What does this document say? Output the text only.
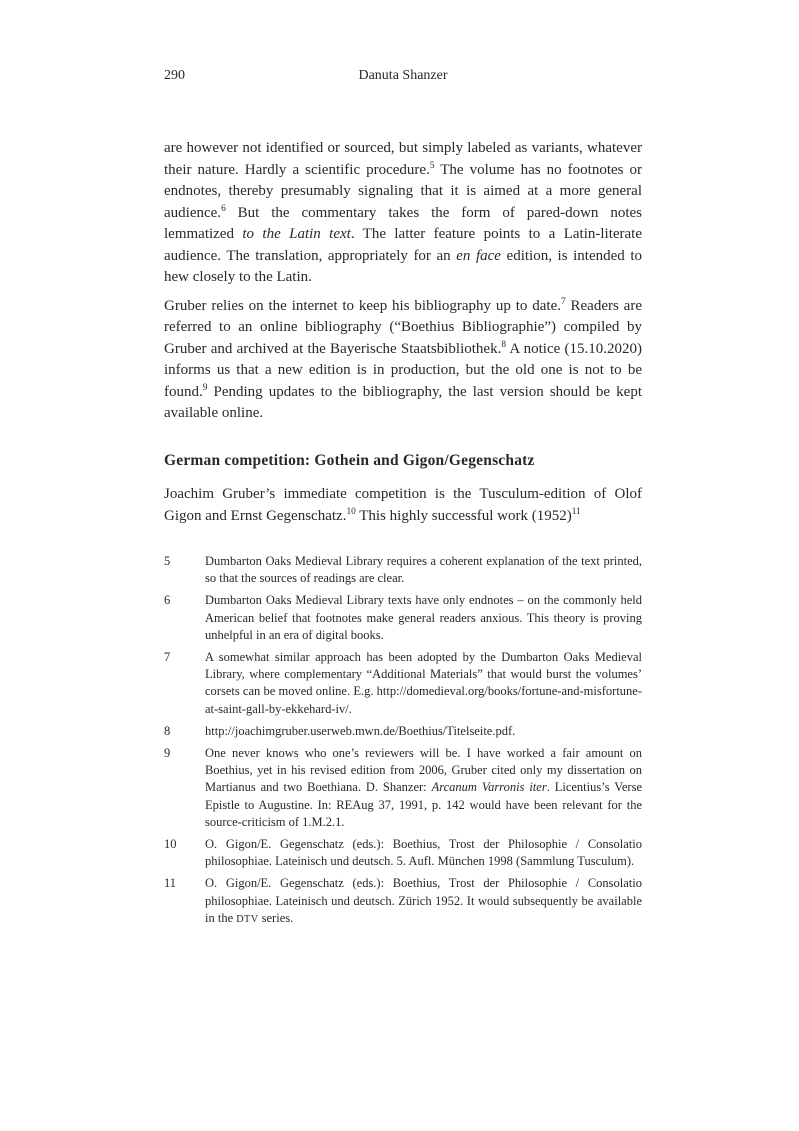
290	Danuta Shanzer

are however not identified or sourced, but simply labeled as variants, whatever their nature. Hardly a scientific procedure.$^5$ The volume has no footnotes or endnotes, thereby presumably signaling that it is aimed at a more general audience.$^6$ But the commentary takes the form of pared-down notes lemmatized to the Latin text. The latter feature points to a Latin-literate audience. The translation, appropriately for an en face edition, is intended to hew closely to the Latin.

Gruber relies on the internet to keep his bibliography up to date.$^7$ Readers are referred to an online bibliography (“Boethius Bibliographie”) compiled by Gruber and archived at the Bayerische Staatsbibliothek.$^8$ A notice (15.10.2020) informs us that a new edition is in production, but the old one is not to be found.$^9$ Pending updates to the bibliography, the last version should be kept available online.

German competition: Gothein and Gigon/Gegenschatz

Joachim Gruber’s immediate competition is the Tusculum-edition of Olof Gigon and Ernst Gegenschatz.$^{10}$ This highly successful work (1952)$^{11}$

5	Dumbarton Oaks Medieval Library requires a coherent explanation of the text printed, so that the sources of readings are clear.
6	Dumbarton Oaks Medieval Library texts have only endnotes – on the commonly held American belief that footnotes make general readers anxious. This theory is proving unhelpful in an era of digital books.
7	A somewhat similar approach has been adopted by the Dumbarton Oaks Medieval Library, where complementary “Additional Materials” that would burst the volumes’ corsets can be moved online. E.g. http://domedieval.org/books/fortune-and-misfortune-at-saint-gall-by-ekkehard-iv/.
8	http://joachimgruber.userweb.mwn.de/Boethius/Titelseite.pdf.
9	One never knows who one’s reviewers will be. I have worked a fair amount on Boethius, yet in his revised edition from 2006, Gruber cited only my dissertation on Martianus and two Boethiana. D. Shanzer: Arcanum Varronis iter. Licentius’s Verse Epistle to Augustine. In: REAug 37, 1991, p. 142 would have been relevant for the source-criticism of 1.M.2.1.
10 O. Gigon/E. Gegenschatz (eds.): Boethius, Trost der Philosophie / Consolatio philosophiae. Lateinisch und deutsch. 5. Aufl. München 1998 (Sammlung Tusculum).
11 O. Gigon/E. Gegenschatz (eds.): Boethius, Trost der Philosophie / Consolatio philosophiae. Lateinisch und deutsch. Zürich 1952. It would subsequently be available in the DTV series.
